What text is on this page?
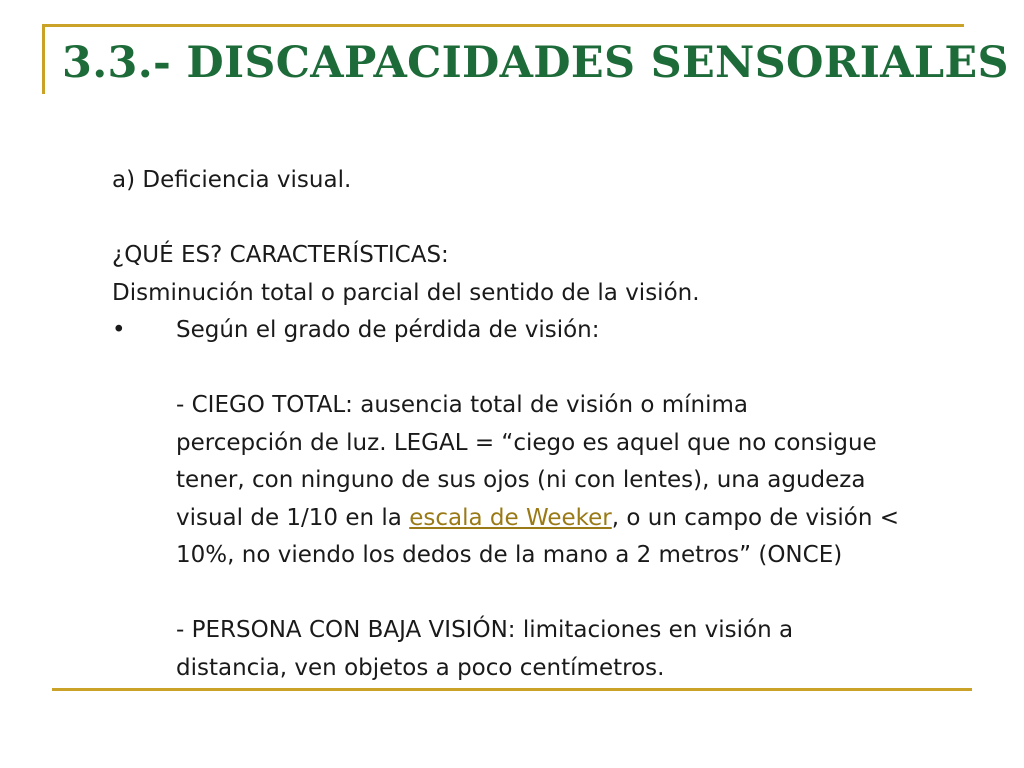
3.3.- DISCAPACIDADES SENSORIALES
a) Deficiencia visual.
¿QUÉ ES? CARACTERÍSTICAS:
Disminución total o parcial del sentido de la visión.
•	Según el grado de pérdida de visión:
- CIEGO TOTAL: ausencia total de visión o mínima
percepción de luz. LEGAL = “ciego es aquel que no consigue
tener, con ninguno de sus ojos (ni con lentes), una agudeza
visual de 1/10 en la escala de Weeker, o un campo de visión <
10%, no viendo los dedos de la mano a 2 metros” (ONCE)
- PERSONA CON BAJA VISIÓN: limitaciones en visión a
distancia, ven objetos a poco centímetros.
